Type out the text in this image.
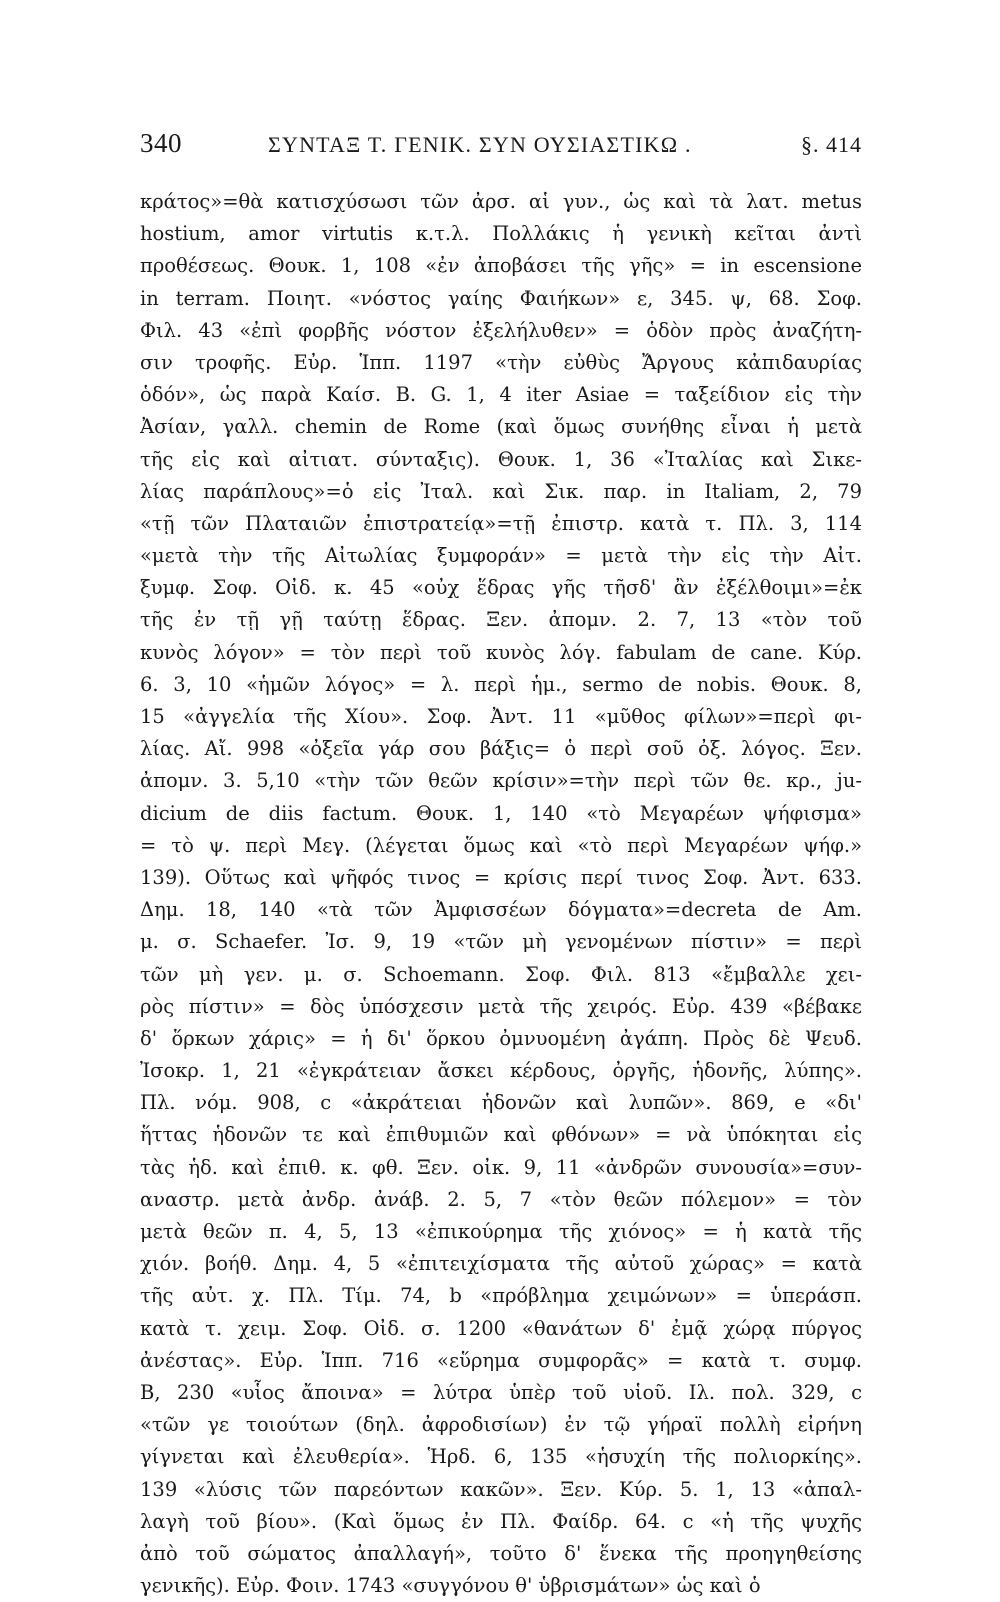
340	ΣΥΝΤΑΞ Τ. ΓΕΝΙΚ. ΣΥΝ ΟΥΣΙΑΣΤΙΚΩ .	§. 414
κράτος»=θὰ κατισχύσωσι τῶν ἀρσ. αἱ γυν., ὡς καὶ τὰ λατ. metus
hostium, amor virtutis κ.τ.λ. Πολλάκις ἡ γενικὴ κεῖται ἀντὶ
προθέσεως. Θουκ. 1, 108 «ἐν ἀποβάσει τῆς γῆς» = in escensione
in terram. Ποιητ. «νόστος γαίης Φαιήκων» ε, 345. ψ, 68. Σοφ.
Φιλ. 43 «ἐπὶ φορβῆς νόστον ἐξελήλυθεν» = ὁδὸν πρὸς ἀναζήτη-
σιν τροφῆς. Εὐρ. Ἱππ. 1197 «τὴν εὐθὺς Ἄργους κἀπιδαυρίας
ὁδόν», ὡς παρὰ Καίσ. B. G. 1, 4 iter Asiae = ταξείδιον εἰς τὴν
Ἀσίαν, γαλλ. chemin de Rome (καὶ ὅμως συνήθης εἶναι ἡ μετὰ
τῆς εἰς καὶ αἰτιατ. σύνταξις). Θουκ. 1, 36 «Ἰταλίας καὶ Σικε-
λίας παράπλους»=ὁ εἰς Ἰταλ. καὶ Σικ. παρ. in Italiam, 2, 79
«τῇ τῶν Πλαταιῶν ἐπιστρατείᾳ»=τῇ ἐπιστρ. κατὰ τ. Πλ. 3, 114
«μετὰ τὴν τῆς Αἰτωλίας ξυμφοράν» = μετὰ τὴν εἰς τὴν Αἰτ.
ξυμφ. Σοφ. Οἰδ. κ. 45 «οὐχ ἕδρας γῆς τῆσδ' ἂν ἐξέλθοιμι»=ἐκ
τῆς ἐν τῇ γῇ ταύτῃ ἕδρας. Ξεν. ἀπομν. 2. 7, 13 «τὸν τοῦ
κυνὸς λόγον» = τὸν περὶ τοῦ κυνὸς λόγ. fabulam de cane. Κύρ.
6. 3, 10 «ἡμῶν λόγος» = λ. περὶ ἡμ., sermo de nobis. Θουκ. 8,
15 «ἀγγελία τῆς Χίου». Σοφ. Ἀντ. 11 «μῦθος φίλων»=περὶ φι-
λίας. Αἴ. 998 «ὀξεῖα γάρ σου βάξις= ὁ περὶ σοῦ ὀξ. λόγος. Ξεν.
ἀπομν. 3. 5,10 «τὴν τῶν θεῶν κρίσιν»=τὴν περὶ τῶν θε. κρ., ju-
dicium de diis factum. Θουκ. 1, 140 «τὸ Μεγαρέων ψήφισμα»
= τὸ ψ. περὶ Μεγ. (λέγεται ὅμως καὶ «τὸ περὶ Μεγαρέων ψήφ.»
139). Οὕτως καὶ ψῆφός τινος = κρίσις περί τινος Σοφ. Ἀντ. 633.
Δημ. 18, 140 «τὰ τῶν Ἀμφισσέων δόγματα»=decreta de Am.
μ. σ. Schaefer. Ἰσ. 9, 19 «τῶν μὴ γενομένων πίστιν» = περὶ
τῶν μὴ γεν. μ. σ. Schoemann. Σοφ. Φιλ. 813 «ἔμβαλλε χει-
ρὸς πίστιν» = δὸς ὑπόσχεσιν μετὰ τῆς χειρός. Εὐρ. 439 «βέβακε
δ' ὅρκων χάρις» = ἡ δι' ὅρκου ὀμνυομένη ἀγάπη. Πρὸς δὲ Ψευδ.
Ἰσοκρ. 1, 21 «ἐγκράτειαν ἄσκει κέρδους, ὀργῆς, ἡδονῆς, λύπης».
Πλ. νόμ. 908, c «ἀκράτειαι ἡδονῶν καὶ λυπῶν». 869, e «δι'
ἥττας ἡδονῶν τε καὶ ἐπιθυμιῶν καὶ φθόνων» = νὰ ὑπόκηται εἰς
τὰς ἡδ. καὶ ἐπιθ. κ. φθ. Ξεν. οἰκ. 9, 11 «ἀνδρῶν συνουσία»=συν-
αναστρ. μετὰ ἀνδρ. ἀνάβ. 2. 5, 7 «τὸν θεῶν πόλεμον» = τὸν
μετὰ θεῶν π. 4, 5, 13 «ἐπικούρημα τῆς χιόνος» = ἡ κατὰ τῆς
χιόν. βοήθ. Δημ. 4, 5 «ἐπιτειχίσματα τῆς αὐτοῦ χώρας» = κατὰ
τῆς αὐτ. χ. Πλ. Τίμ. 74, b «πρόβλημα χειμώνων» = ὑπεράσπ.
κατὰ τ. χειμ. Σοφ. Οἰδ. σ. 1200 «θανάτων δ' ἐμᾷ χώρᾳ πύργος
ἀνέστας». Εὐρ. Ἱππ. 716 «εὕρημα συμφορᾶς» = κατὰ τ. συμφ.
B, 230 «υἷος ἄποινα» = λύτρα ὑπὲρ τοῦ υἱοῦ. Ιλ. πολ. 329, c
«τῶν γε τοιούτων (δηλ. ἀφροδισίων) ἐν τῷ γήραϊ πολλὴ εἰρήνη
γίγνεται καὶ ἐλευθερία». Ἡρδ. 6, 135 «ἡσυχίη τῆς πολιορκίης».
139 «λύσις τῶν παρεόντων κακῶν». Ξεν. Κύρ. 5. 1, 13 «ἀπαλ-
λαγὴ τοῦ βίου». (Καὶ ὅμως ἐν Πλ. Φαίδρ. 64. c «ἡ τῆς ψυχῆς
ἀπὸ τοῦ σώματος ἀπαλλαγή», τοῦτο δ' ἕνεκα τῆς προηγηθείσης
γενικῆς). Εὐρ. Φοιν. 1743 «συγγόνου θ' ὑβρισμάτων» ὡς καὶ ὁ
